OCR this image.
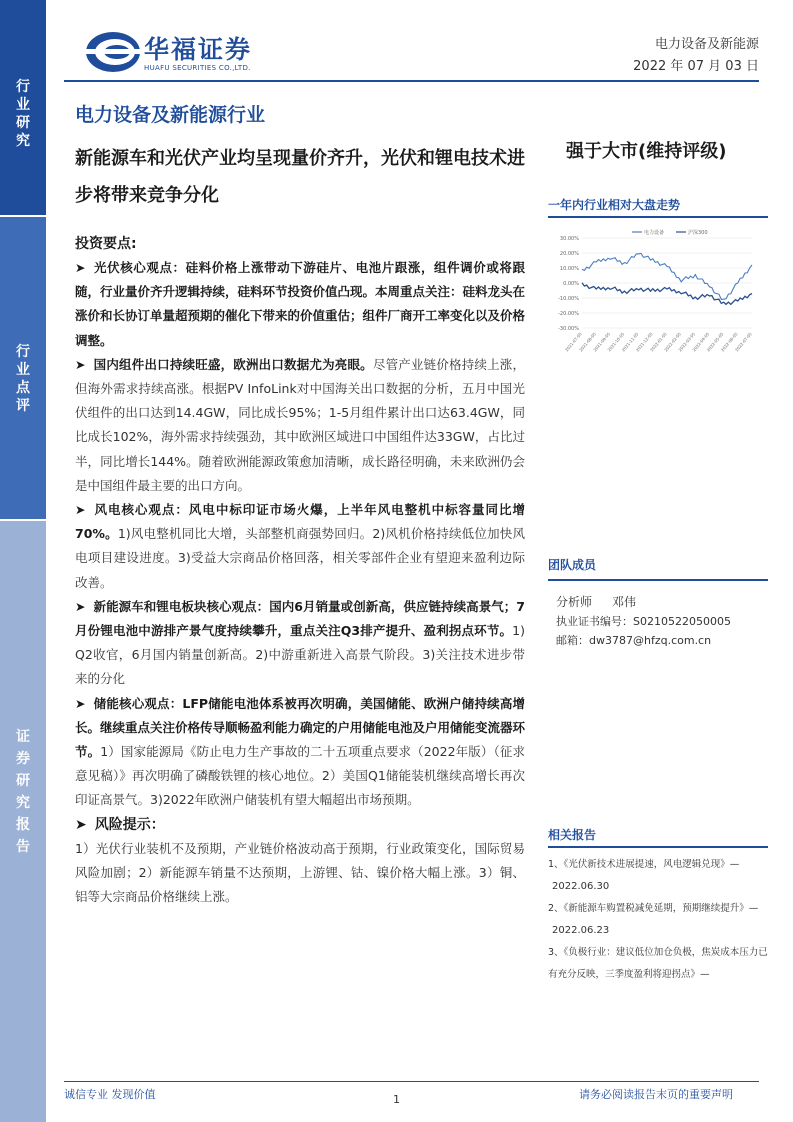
行
业
研
究
行
业
点
评
证
券
研
究
报
告
华福证券
HUAFU SECURITIES CO.,LTD.
电力设备及新能源
2022 年 07 月 03 日
电力设备及新能源行业
新能源车和光伏产业均呈现量价齐升，光伏和锂电技术进步将带来竞争分化
强于大市(维持评级)
投资要点:

➤ 光伏核心观点：硅料价格上涨带动下游硅片、电池片跟涨，组件调价或将跟随，行业量价齐升逻辑持续，硅料环节投资价值凸现。本周重点关注：硅料龙头在涨价和长协订单量超预期的催化下带来的价值重估；组件厂商开工率变化以及价格调整。

➤ 国内组件出口持续旺盛，欧洲出口数据尤为亮眼。尽管产业链价格持续上涨，但海外需求持续高涨。根据PV InfoLink对中国海关出口数据的分析，五月中国光伏组件的出口达到14.4GW，同比成长95%；1-5月组件累计出口达63.4GW，同比成长102%，海外需求持续强劲，其中欧洲区域进口中国组件达33GW，占比过半，同比增长144%。随着欧洲能源政策愈加清晰，成长路径明确，未来欧洲仍会是中国组件最主要的出口方向。

➤ 风电核心观点：风电中标印证市场火爆，上半年风电整机中标容量同比增70%。1)风电整机同比大增，头部整机商强势回归。2)风机价格持续低位加快风电项目建设进度。3)受益大宗商品价格回落，相关零部件企业有望迎来盈利边际改善。

➤ 新能源车和锂电板块核心观点：国内6月销量或创新高，供应链持续高景气；7月份锂电池中游排产景气度持续攀升，重点关注Q3排产提升、盈利拐点环节。1) Q2收官，6月国内销量创新高。2)中游重新进入高景气阶段。3)关注技术进步带来的分化

➤ 储能核心观点：LFP储能电池体系被再次明确，美国储能、欧洲户储持续高增长。继续重点关注价格传导顺畅盈利能力确定的户用储能电池及户用储能变流器环节。1）国家能源局《防止电力生产事故的二十五项重点要求（2022年版）（征求意见稿）》再次明确了磷酸铁锂的核心地位。2）美国Q1储能装机继续高增长再次印证高景气。3)2022年欧洲户储装机有望大幅超出市场预期。

➤ 风险提示：

1）光伏行业装机不及预期，产业链价格波动高于预期，行业政策变化，国际贸易风险加剧；2）新能源车销量不达预期，上游锂、钴、镍价格大幅上涨。3）铜、铝等大宗商品价格继续上涨。

一年内行业相对大盘走势
30.00%
20.00%
10.00%
0.00%
-10.00%
-20.00%
-30.00%
2021-07-05
2021-08-05
2021-09-05
2021-10-05
2021-11-05
2021-12-05
2022-01-05
2022-02-05
2022-03-05
2022-04-05
2022-05-05
2022-06-05
2022-07-05
电力设备	沪深300
团队成员
分析师 邓伟
执业证书编号：S0210522050005
邮箱：dw3787@hfzq.com.cn
相关报告
1、《光伏新技术进展提速，风电逻辑兑现》—
2022.06.30
2、《新能源车购置税减免延期，预期继续提升》—
2022.06.23
3、《负极行业：建议低位加仓负极，焦炭成本压力已有充分反映，三季度盈利将迎拐点》—
诚信专业 发现价值	1	请务必阅读报告末页的重要声明
